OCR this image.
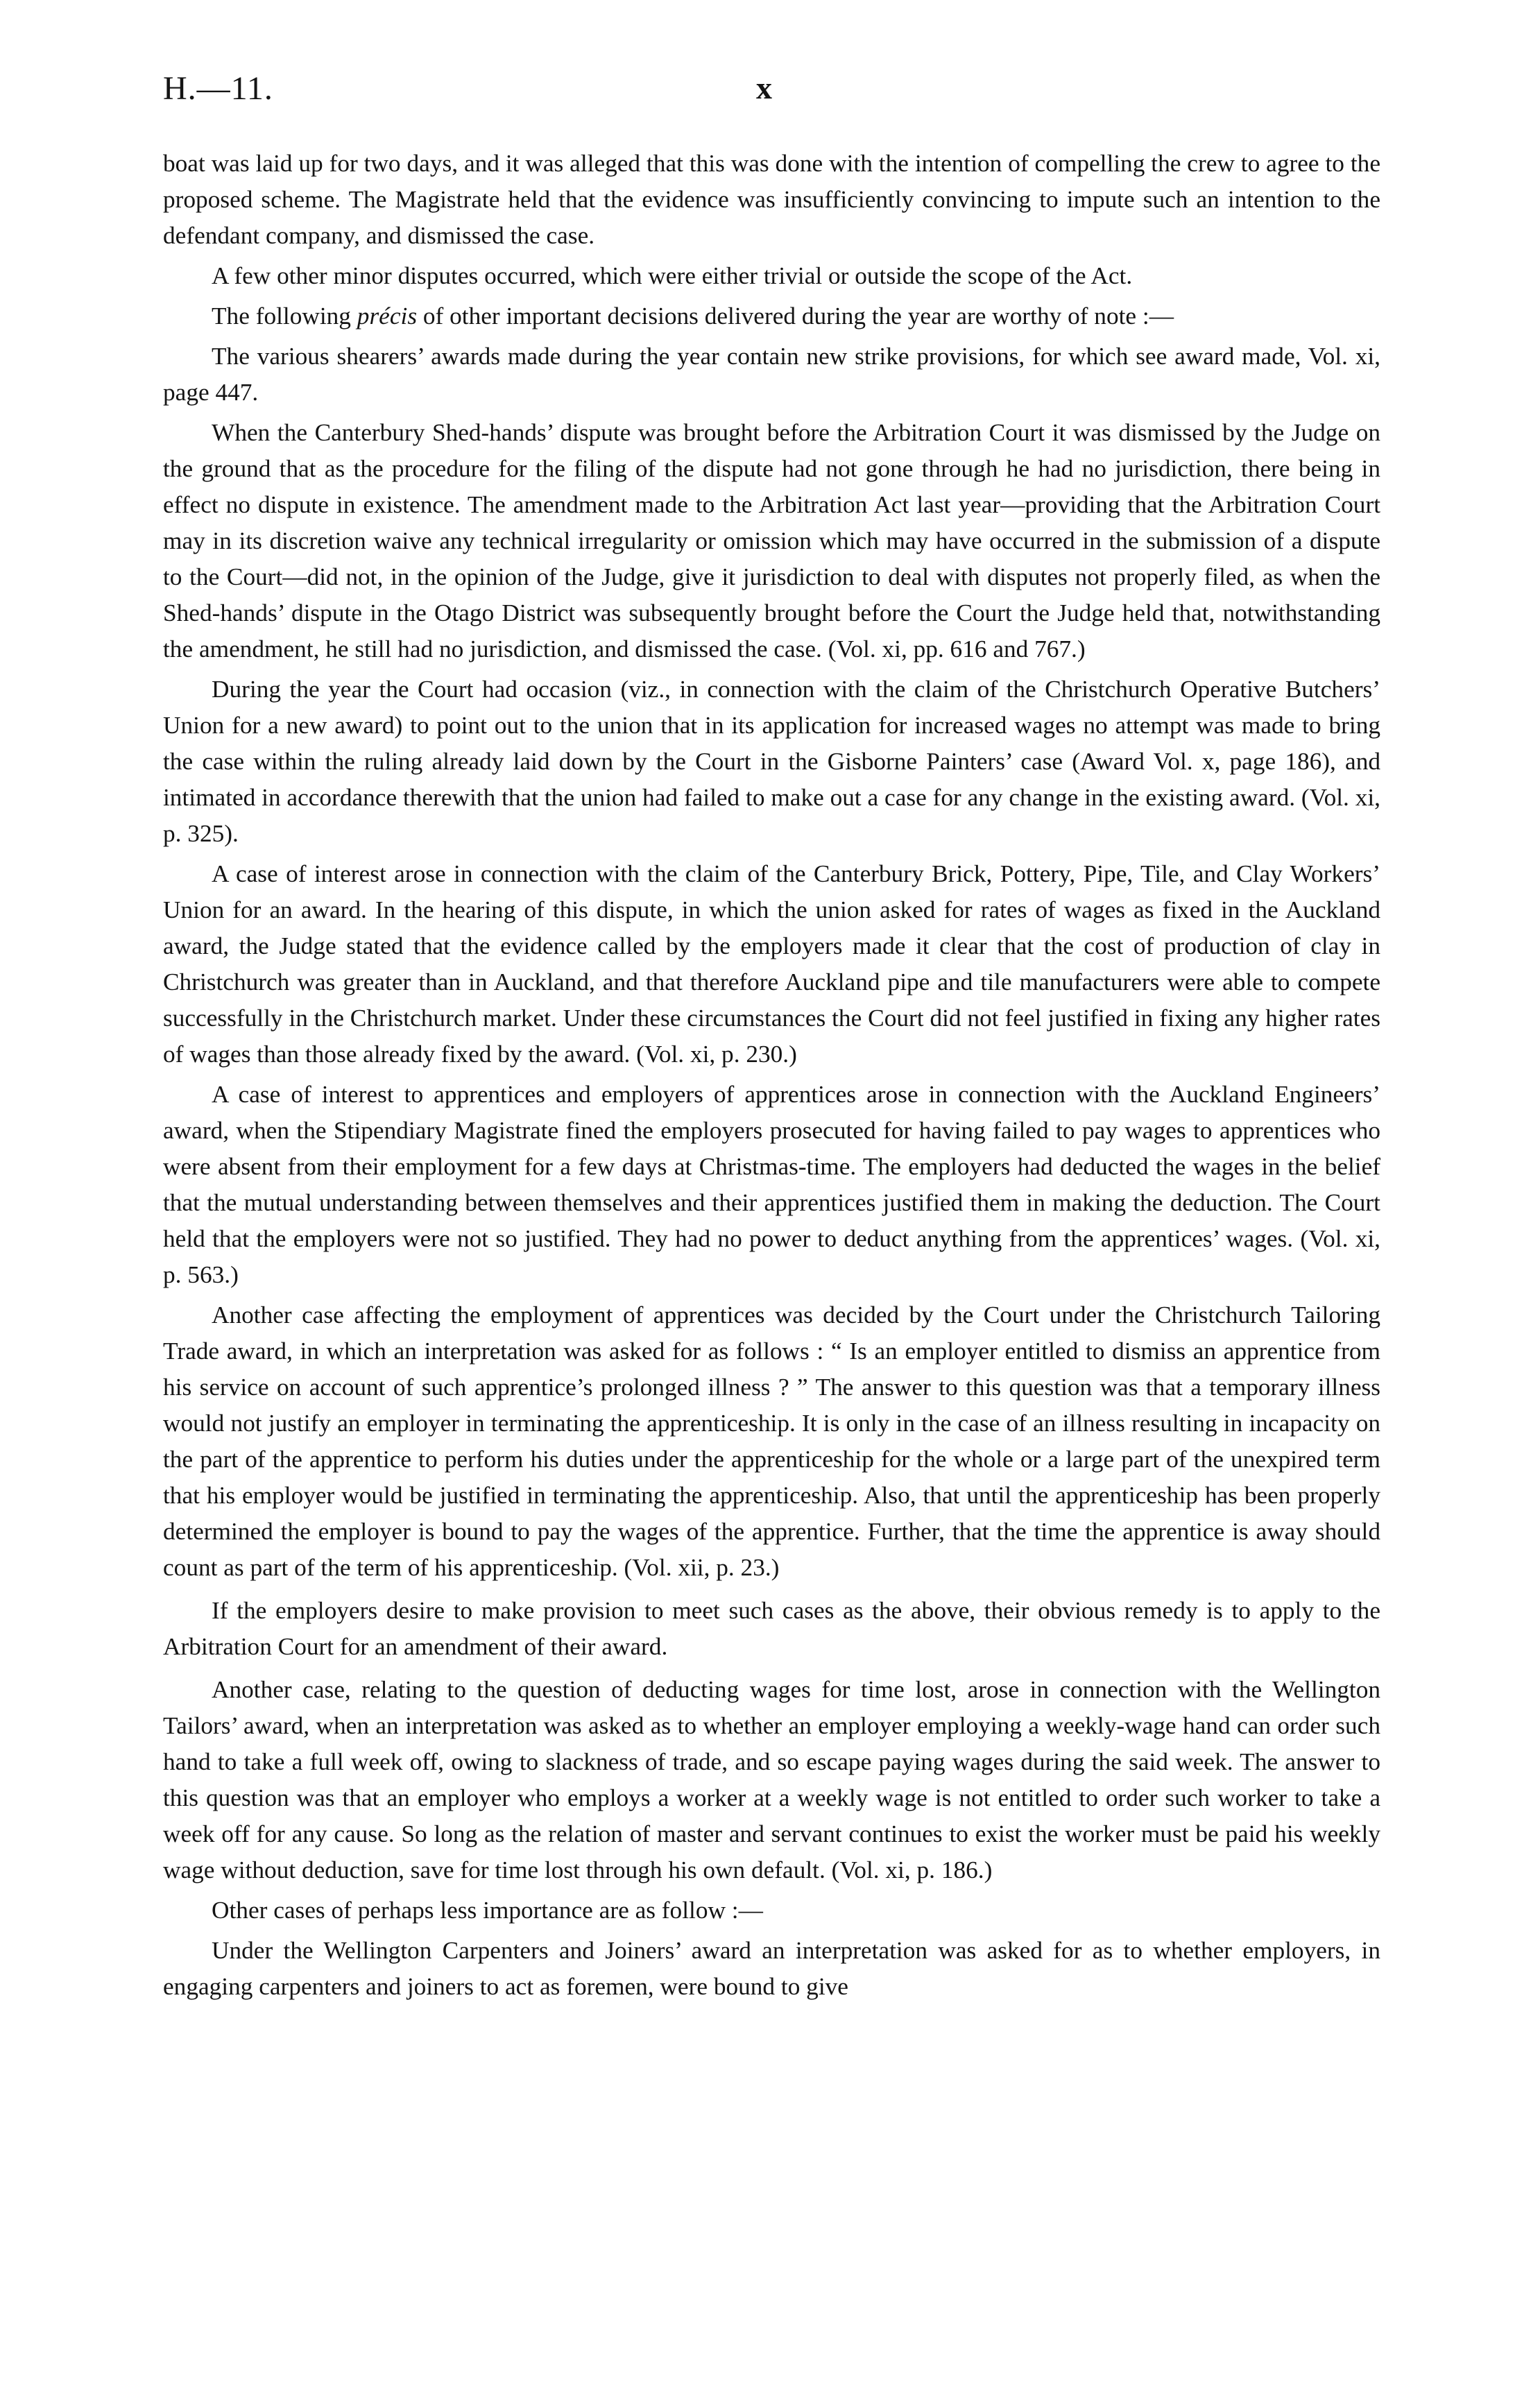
H.—11.	x

boat was laid up for two days, and it was alleged that this was done with the intention of compelling the crew to agree to the proposed scheme. The Magistrate held that the evidence was insufficiently convincing to impute such an intention to the defendant company, and dismissed the case.

A few other minor disputes occurred, which were either trivial or outside the scope of the Act.

The following précis of other important decisions delivered during the year are worthy of note :—

The various shearers’ awards made during the year contain new strike provisions, for which see award made, Vol. xi, page 447.

When the Canterbury Shed-hands’ dispute was brought before the Arbitration Court it was dismissed by the Judge on the ground that as the procedure for the filing of the dispute had not gone through he had no jurisdiction, there being in effect no dispute in existence. The amendment made to the Arbitration Act last year—providing that the Arbitration Court may in its discretion waive any technical irregularity or omission which may have occurred in the submission of a dispute to the Court—did not, in the opinion of the Judge, give it jurisdiction to deal with disputes not properly filed, as when the Shed-hands’ dispute in the Otago District was subsequently brought before the Court the Judge held that, notwithstanding the amendment, he still had no jurisdiction, and dismissed the case. (Vol. xi, pp. 616 and 767.)

During the year the Court had occasion (viz., in connection with the claim of the Christchurch Operative Butchers’ Union for a new award) to point out to the union that in its application for increased wages no attempt was made to bring the case within the ruling already laid down by the Court in the Gisborne Painters’ case (Award Vol. x, page 186), and intimated in accordance therewith that the union had failed to make out a case for any change in the existing award. (Vol. xi, p. 325).

A case of interest arose in connection with the claim of the Canterbury Brick, Pottery, Pipe, Tile, and Clay Workers’ Union for an award. In the hearing of this dispute, in which the union asked for rates of wages as fixed in the Auckland award, the Judge stated that the evidence called by the employers made it clear that the cost of production of clay in Christchurch was greater than in Auckland, and that therefore Auckland pipe and tile manufacturers were able to compete successfully in the Christchurch market. Under these circumstances the Court did not feel justified in fixing any higher rates of wages than those already fixed by the award. (Vol. xi, p. 230.)

A case of interest to apprentices and employers of apprentices arose in connection with the Auckland Engineers’ award, when the Stipendiary Magistrate fined the employers prosecuted for having failed to pay wages to apprentices who were absent from their employment for a few days at Christmas-time. The employers had deducted the wages in the belief that the mutual understanding between themselves and their apprentices justified them in making the deduction. The Court held that the employers were not so justified. They had no power to deduct anything from the apprentices’ wages. (Vol. xi, p. 563.)

Another case affecting the employment of apprentices was decided by the Court under the Christchurch Tailoring Trade award, in which an interpretation was asked for as follows : “ Is an employer entitled to dismiss an apprentice from his service on account of such apprentice’s prolonged illness ? ” The answer to this question was that a temporary illness would not justify an employer in terminating the apprenticeship. It is only in the case of an illness resulting in incapacity on the part of the apprentice to perform his duties under the apprenticeship for the whole or a large part of the unexpired term that his employer would be justified in terminating the apprenticeship. Also, that until the apprenticeship has been properly determined the employer is bound to pay the wages of the apprentice. Further, that the time the apprentice is away should count as part of the term of his apprenticeship. (Vol. xii, p. 23.)

If the employers desire to make provision to meet such cases as the above, their obvious remedy is to apply to the Arbitration Court for an amendment of their award.

Another case, relating to the question of deducting wages for time lost, arose in connection with the Wellington Tailors’ award, when an interpretation was asked as to whether an employer employing a weekly-wage hand can order such hand to take a full week off, owing to slackness of trade, and so escape paying wages during the said week. The answer to this question was that an employer who employs a worker at a weekly wage is not entitled to order such worker to take a week off for any cause. So long as the relation of master and servant continues to exist the worker must be paid his weekly wage without deduction, save for time lost through his own default. (Vol. xi, p. 186.)

Other cases of perhaps less importance are as follow :—

Under the Wellington Carpenters and Joiners’ award an interpretation was asked for as to whether employers, in engaging carpenters and joiners to act as foremen, were bound to give
